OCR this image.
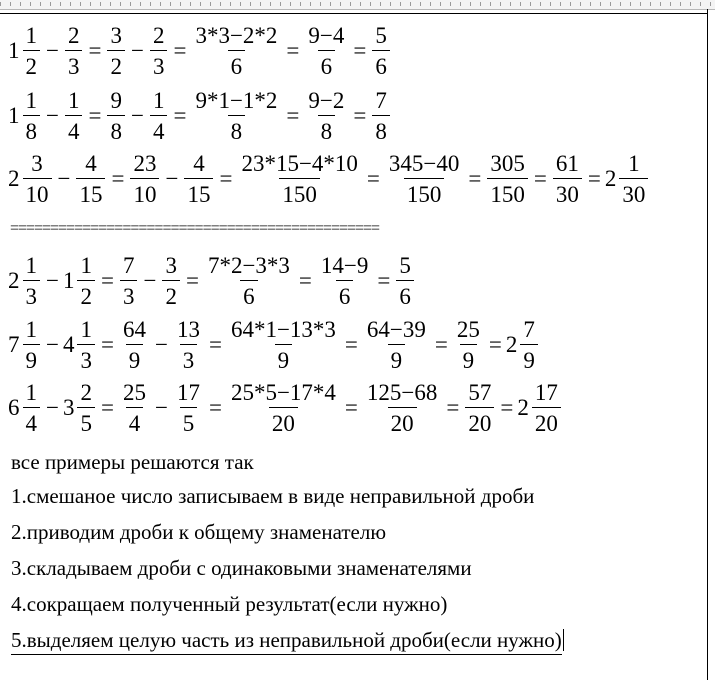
$1 \frac{1}{2} - \frac{2}{3} = \frac{3}{2} - \frac{2}{3} = \frac{3*3-2*2}{6} = \frac{9-4}{6} = \frac{5}{6}$
$1 \frac{1}{8} - \frac{1}{4} = \frac{9}{8} - \frac{1}{4} = \frac{9*1-1*2}{8} = \frac{9-2}{8} = \frac{7}{8}$
$2 \frac{3}{10} - \frac{4}{15} = \frac{23}{10} - \frac{4}{15} = \frac{23*15-4*10}{150} = \frac{345-40}{150} = \frac{305}{150} = \frac{61}{30} = 2 \frac{1}{30}$
==============================================
$2 \frac{1}{3} - 1 \frac{1}{2} = \frac{7}{3} - \frac{3}{2} = \frac{7*2-3*3}{6} = \frac{14-9}{6} = \frac{5}{6}$
$7 \frac{1}{9} - 4 \frac{1}{3} = \frac{64}{9} - \frac{13}{3} = \frac{64*1-13*3}{9} = \frac{64-39}{9} = \frac{25}{9} = 2 \frac{7}{9}$
$6 \frac{1}{4} - 3 \frac{2}{5} = \frac{25}{4} - \frac{17}{5} = \frac{25*5-17*4}{20} = \frac{125-68}{20} = \frac{57}{20} = 2 \frac{17}{20}$
все примеры решаются так
1.смешаное число записываем в виде неправильной дроби
2.приводим дроби к общему знаменателю
3.складываем дроби с одинаковыми знаменателями
4.сокращаем полученный результат(если нужно)
5.выделяем целую часть из неправильной дроби(если нужно)
